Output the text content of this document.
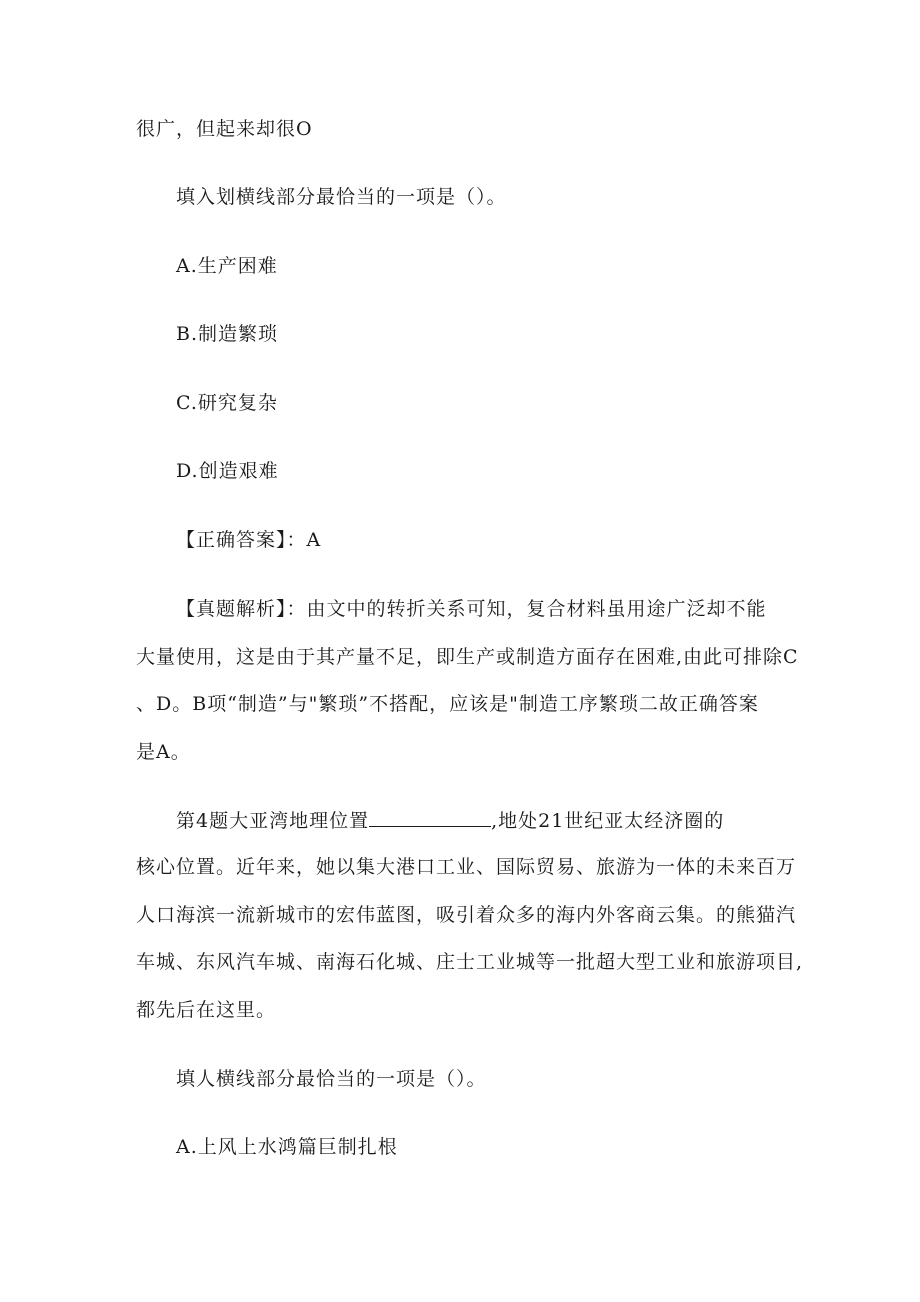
很广，但起来却很O
填入划横线部分最恰当的一项是（）。
A.生产困难
B.制造繁琐
C.研究复杂
D.创造艰难
【正确答案】：A
【真题解析】：由文中的转折关系可知，复合材料虽用途广泛却不能
大量使用，这是由于其产量不足，即生产或制造方面存在困难,由此可排除C
、D。B项“制造”与"繁琐”不搭配，应该是"制造工序繁琐二故正确答案
是A。
第4题大亚湾地理位置	,地处21世纪亚太经济圈的
核心位置。近年来，她以集大港口工业、国际贸易、旅游为一体的未来百万
人口海滨一流新城市的宏伟蓝图，吸引着众多的海内外客商云集。的熊猫汽
车城、东风汽车城、南海石化城、庄士工业城等一批超大型工业和旅游项目,
都先后在这里。
填人横线部分最恰当的一项是（）。
A.上风上水鸿篇巨制扎根
